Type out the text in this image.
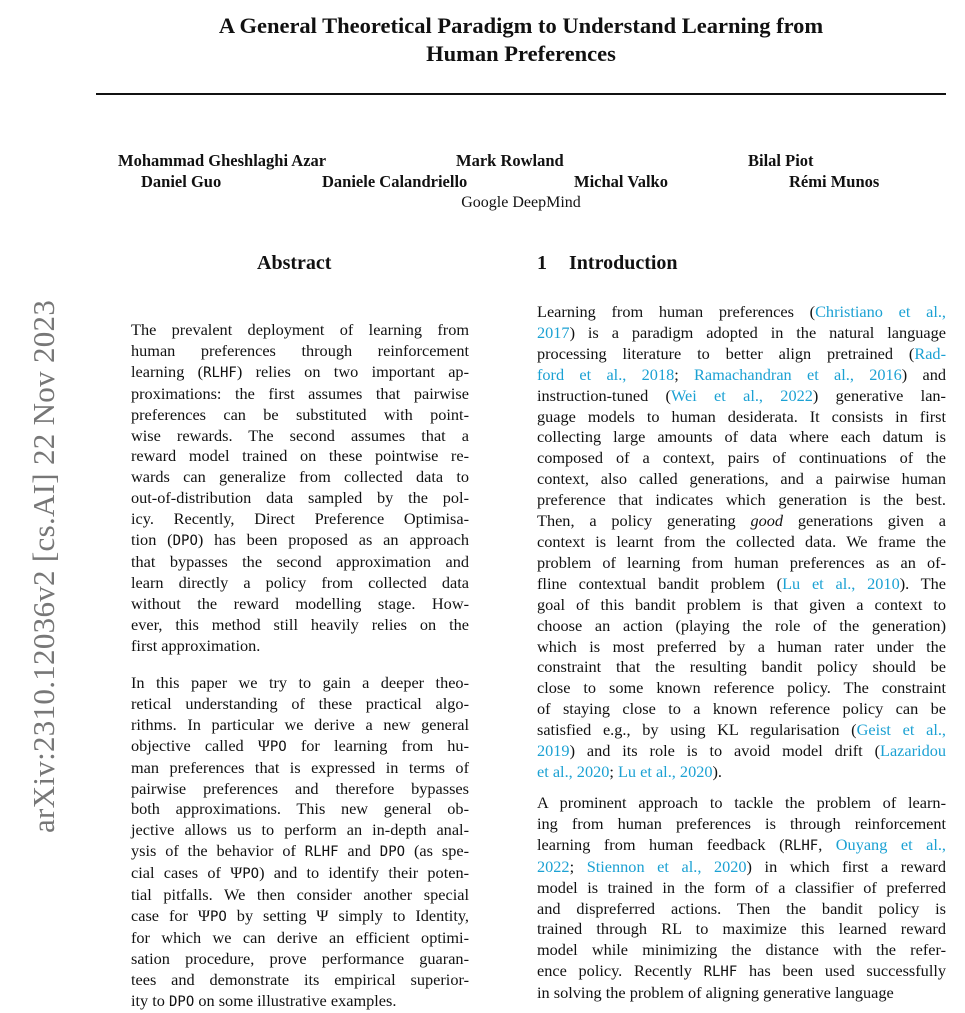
arXiv:2310.12036v2 [cs.AI] 22 Nov 2023
A General Theoretical Paradigm to Understand Learning from
Human Preferences
Mohammad Gheshlaghi Azar	Mark Rowland	Bilal Piot
Daniel Guo	Daniele Calandriello	Michal Valko	Rémi Munos
Google DeepMind
Abstract	1 Introduction

The prevalent deployment of learning from
human preferences through reinforcement
learning (RLHF) relies on two important ap-
proximations: the first assumes that pairwise
preferences can be substituted with point-
wise rewards. The second assumes that a
reward model trained on these pointwise re-
wards can generalize from collected data to
out-of-distribution data sampled by the pol-
icy. Recently, Direct Preference Optimisa-
tion (DPO) has been proposed as an approach
that bypasses the second approximation and
learn directly a policy from collected data
without the reward modelling stage. How-
ever, this method still heavily relies on the
first approximation.

In this paper we try to gain a deeper theo-
retical understanding of these practical algo-
rithms. In particular we derive a new general
objective called ΨPO for learning from hu-
man preferences that is expressed in terms of
pairwise preferences and therefore bypasses
both approximations. This new general ob-
jective allows us to perform an in-depth anal-
ysis of the behavior of RLHF and DPO (as spe-
cial cases of ΨPO) and to identify their poten-
tial pitfalls. We then consider another special
case for ΨPO by setting Ψ simply to Identity,
for which we can derive an efficient optimi-
sation procedure, prove performance guaran-
tees and demonstrate its empirical superior-
ity to DPO on some illustrative examples.

Learning from human preferences (Christiano et al.,
2017) is a paradigm adopted in the natural language
processing literature to better align pretrained (Rad-
ford et al., 2018; Ramachandran et al., 2016) and
instruction-tuned (Wei et al., 2022) generative lan-
guage models to human desiderata. It consists in first
collecting large amounts of data where each datum is
composed of a context, pairs of continuations of the
context, also called generations, and a pairwise human
preference that indicates which generation is the best.
Then, a policy generating good generations given a
context is learnt from the collected data. We frame the
problem of learning from human preferences as an of-
fline contextual bandit problem (Lu et al., 2010). The
goal of this bandit problem is that given a context to
choose an action (playing the role of the generation)
which is most preferred by a human rater under the
constraint that the resulting bandit policy should be
close to some known reference policy. The constraint
of staying close to a known reference policy can be
satisfied e.g., by using KL regularisation (Geist et al.,
2019) and its role is to avoid model drift (Lazaridou
et al., 2020; Lu et al., 2020).

A prominent approach to tackle the problem of learn-
ing from human preferences is through reinforcement
learning from human feedback (RLHF, Ouyang et al.,
2022; Stiennon et al., 2020) in which first a reward
model is trained in the form of a classifier of preferred
and dispreferred actions. Then the bandit policy is
trained through RL to maximize this learned reward
model while minimizing the distance with the refer-
ence policy. Recently RLHF has been used successfully
in solving the problem of aligning generative language
